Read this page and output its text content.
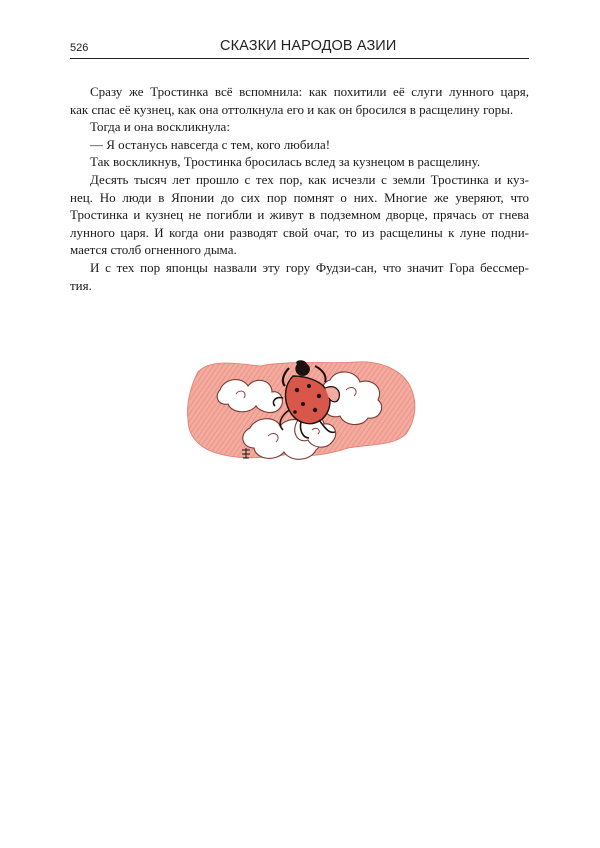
526	СКАЗКИ НАРОДОВ АЗИИ
Сразу же Тростинка всё вспомнила: как похитили её слуги лунного царя,
как спас её кузнец, как она оттолкнула его и как он бросился в расщелину горы.
Тогда и она воскликнула:
— Я останусь навсегда с тем, кого любила!
Так воскликнув, Тростинка бросилась вслед за кузнецом в расщелину.
Десять тысяч лет прошло с тех пор, как исчезли с земли Тростинка и куз-
нец. Но люди в Японии до сих пор помнят о них. Многие же уверяют, что
Тростинка и кузнец не погибли и живут в подземном дворце, прячась от гнева
лунного царя. И когда они разводят свой очаг, то из расщелины к луне подни-
мается столб огненного дыма.
И с тех пор японцы назвали эту гору Фудзи-сан, что значит Гора бессмер-
тия.
